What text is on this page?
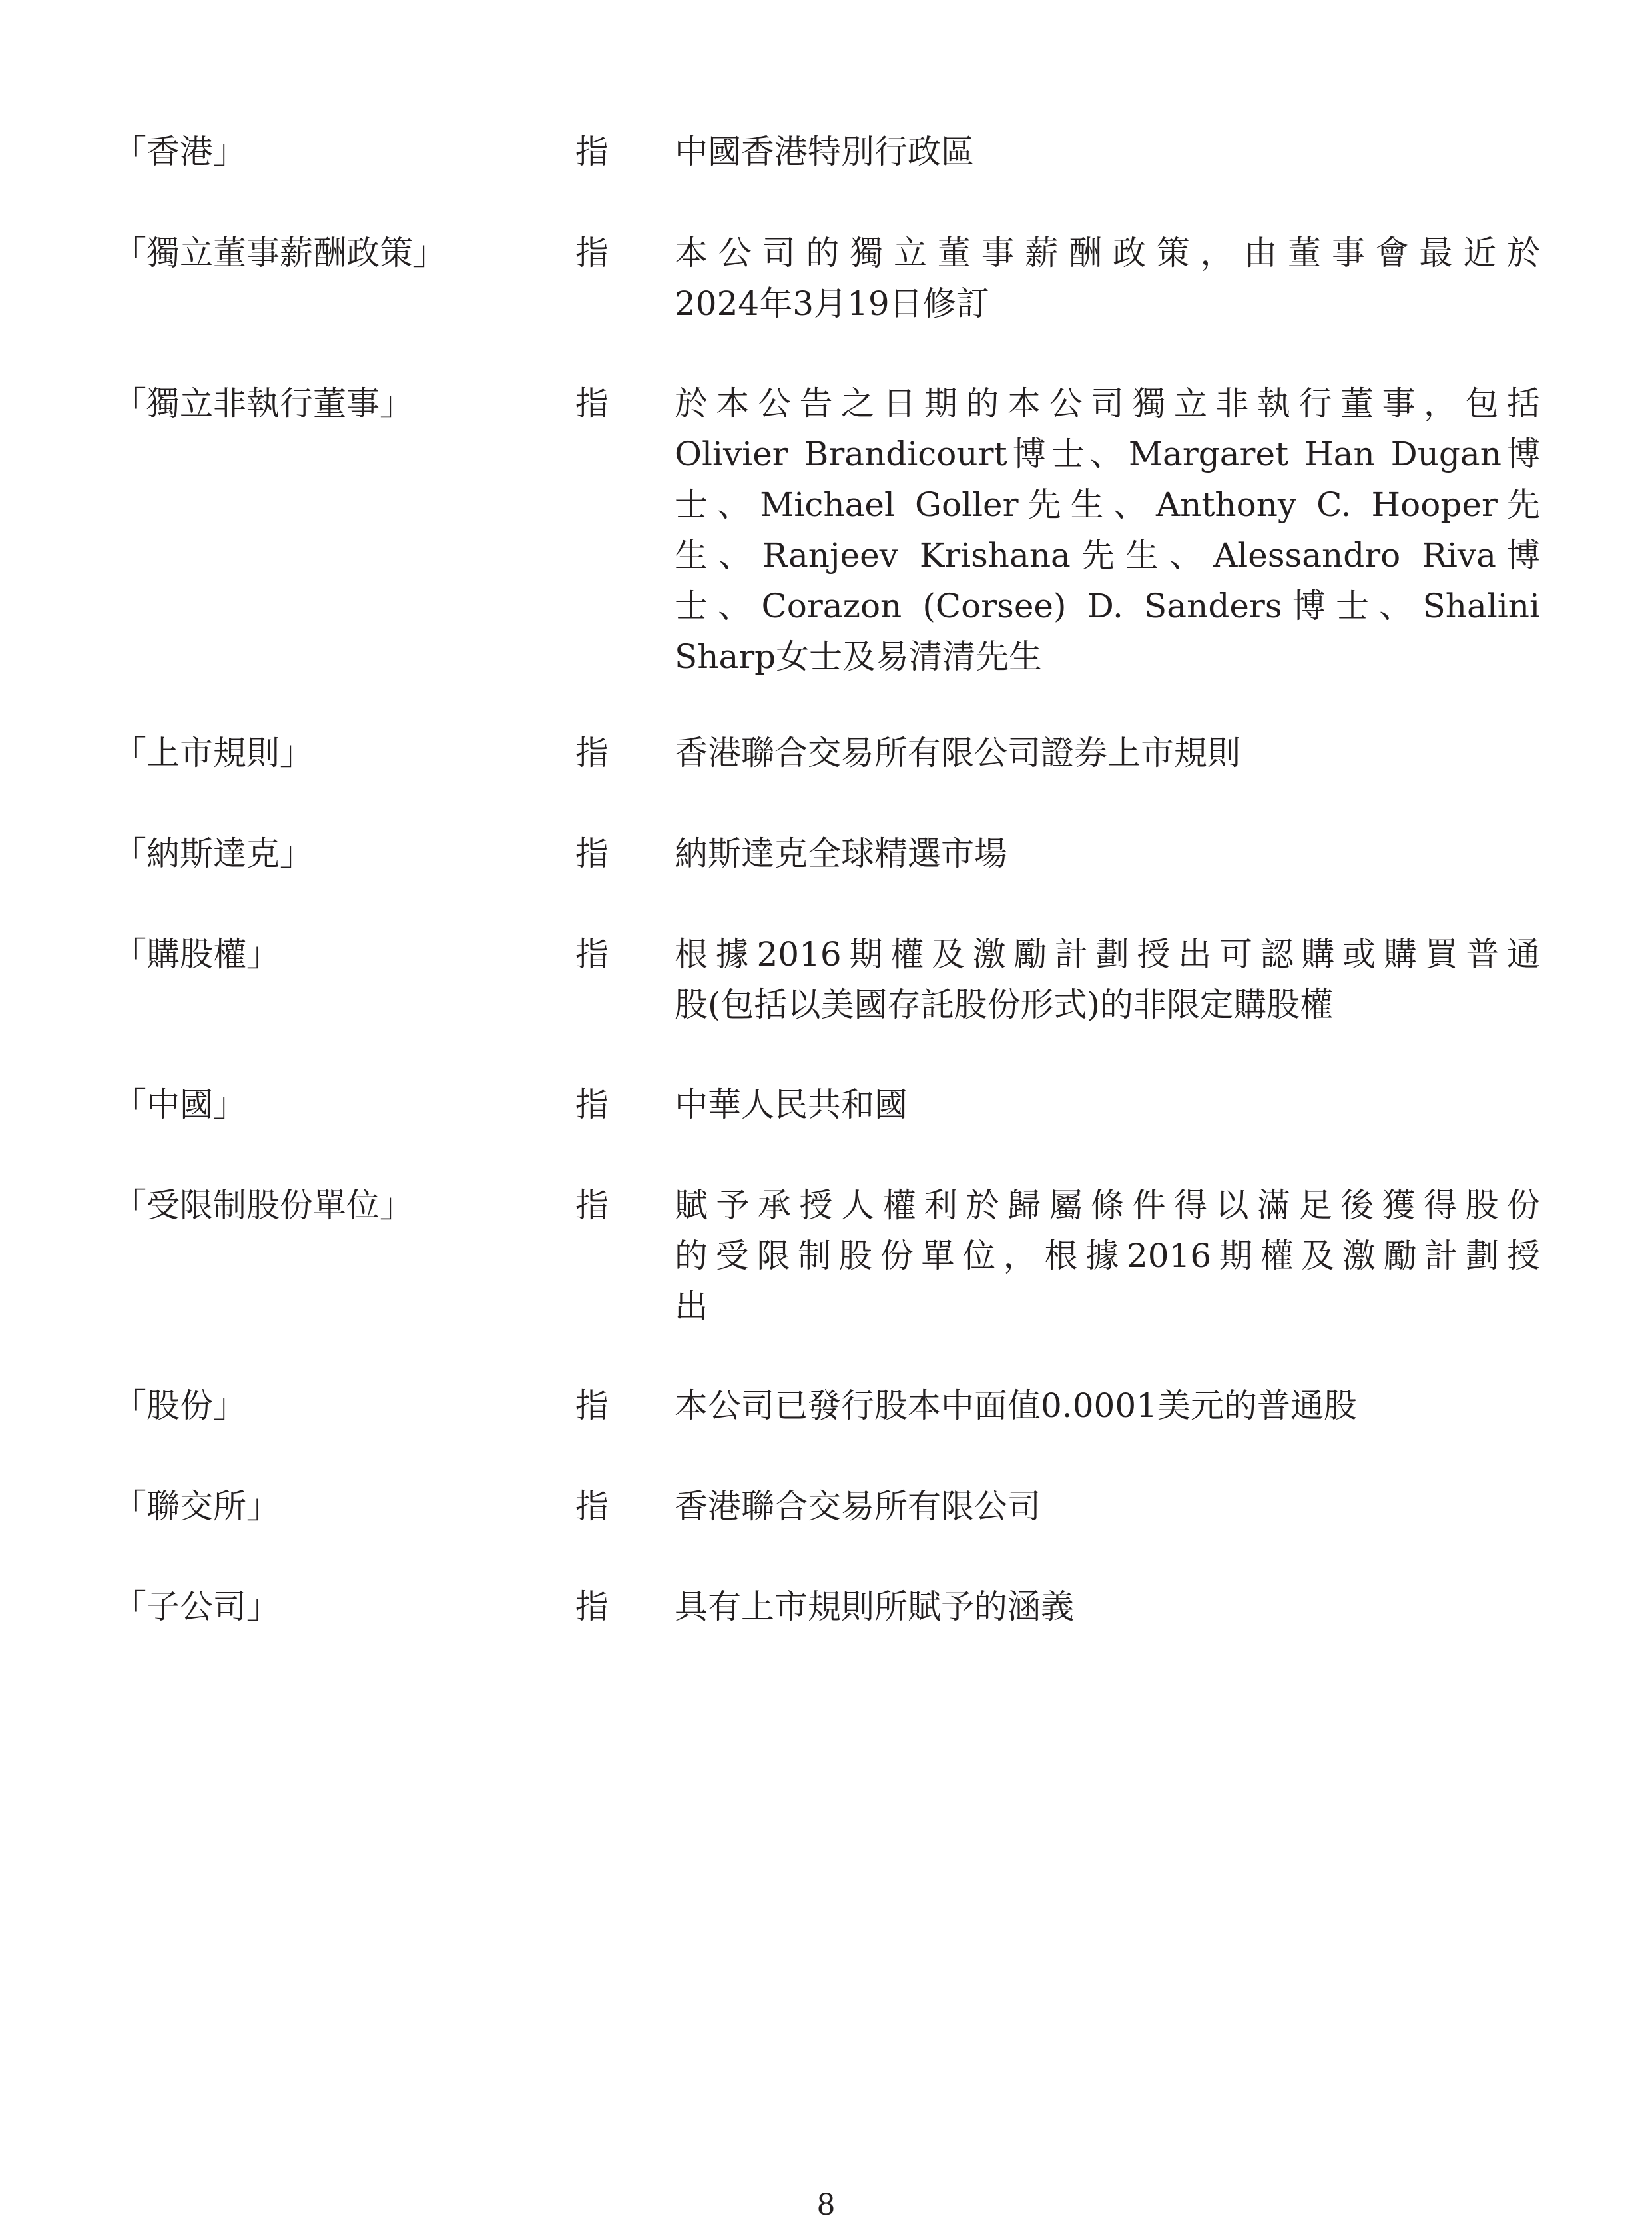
「香港」	指 中國香港特別行政區
「獨立董事薪酬政策」	指 本公司的獨立董事薪酬政策，由董事會最近於
2024年3月19日修訂
「獨立非執行董事」	指 於本公告之日期的本公司獨立非執行董事，包括
Olivier Brandicourt博士、Margaret Han Dugan博
士、Michael Goller先生、Anthony C. Hooper先
生、Ranjeev Krishana先生、Alessandro Riva博
士、Corazon (Corsee) D. Sanders博士、Shalini
Sharp女士及易清清先生
「上市規則」	指 香港聯合交易所有限公司證券上市規則
「納斯達克」	指 納斯達克全球精選市場
「購股權」	指 根據2016期權及激勵計劃授出可認購或購買普通
股(包括以美國存託股份形式)的非限定購股權
「中國」	指 中華人民共和國
「受限制股份單位」	指 賦予承授人權利於歸屬條件得以滿足後獲得股份
的受限制股份單位，根據2016期權及激勵計劃授
出
「股份」	指 本公司已發行股本中面值0.0001美元的普通股
「聯交所」	指 香港聯合交易所有限公司
「子公司」	指 具有上市規則所賦予的涵義
8
